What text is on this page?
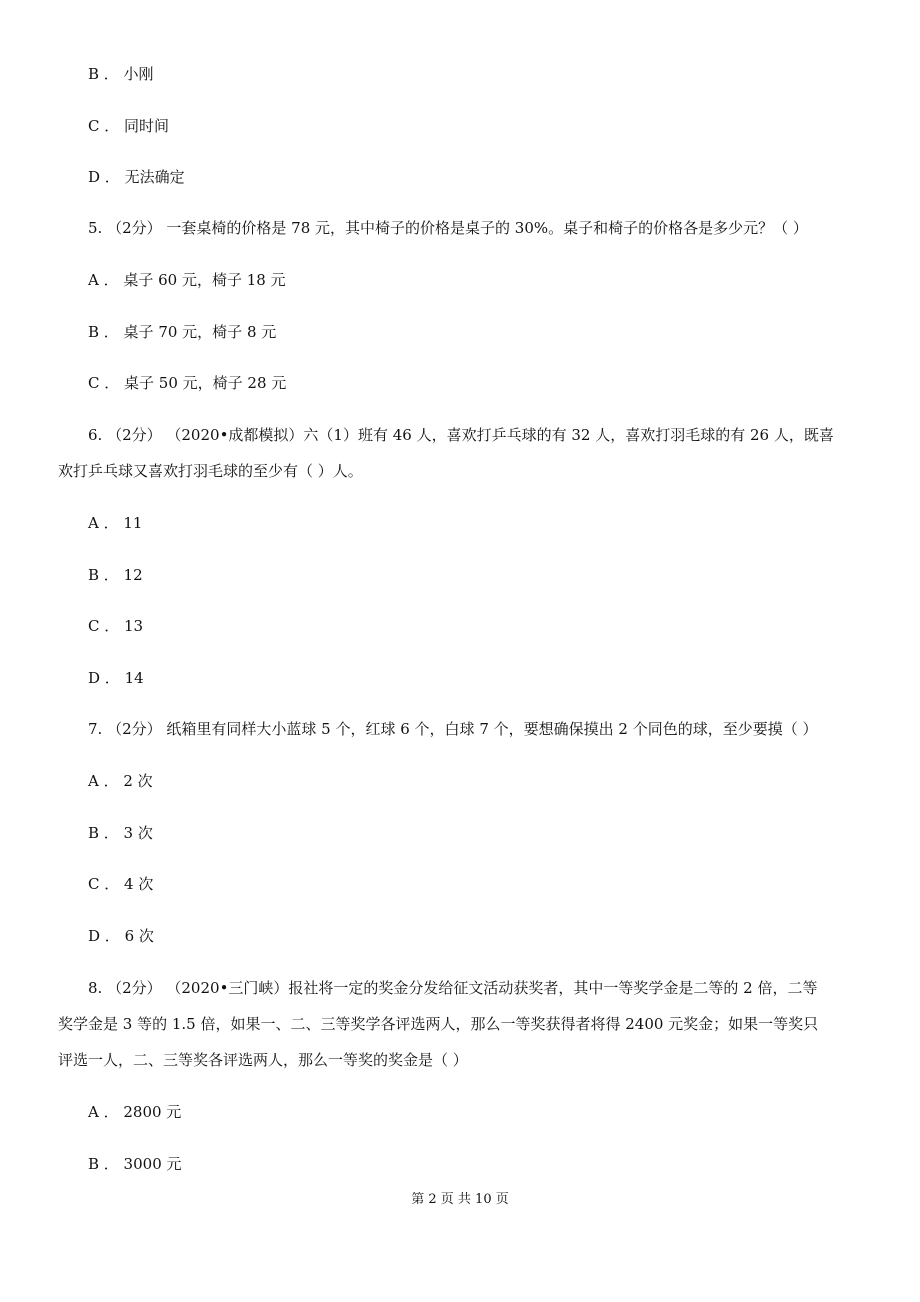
B ． 小刚
C ． 同时间
D ． 无法确定
5. （2分） 一套桌椅的价格是 78 元，其中椅子的价格是桌子的 30%。桌子和椅子的价格各是多少元？（ ）
A ． 桌子 60 元，椅子 18 元
B ． 桌子 70 元，椅子 8 元
C ． 桌子 50 元，椅子 28 元
6. （2分） （2020•成都模拟）六（1）班有 46 人，喜欢打乒乓球的有 32 人，喜欢打羽毛球的有 26 人，既喜
欢打乒乓球又喜欢打羽毛球的至少有（ ）人。
A ． 11
B ． 12
C ． 13
D ． 14
7. （2分） 纸箱里有同样大小蓝球 5 个，红球 6 个，白球 7 个，要想确保摸出 2 个同色的球，至少要摸（ ）
A ． 2 次
B ． 3 次
C ． 4 次
D ． 6 次
8. （2分） （2020•三门峡）报社将一定的奖金分发给征文活动获奖者，其中一等奖学金是二等的 2 倍，二等
奖学金是 3 等的 1.5 倍，如果一、二、三等奖学各评选两人，那么一等奖获得者将得 2400 元奖金；如果一等奖只
评选一人，二、三等奖各评选两人，那么一等奖的奖金是（ ）
A ． 2800 元
B ． 3000 元
第 2 页 共 10 页
